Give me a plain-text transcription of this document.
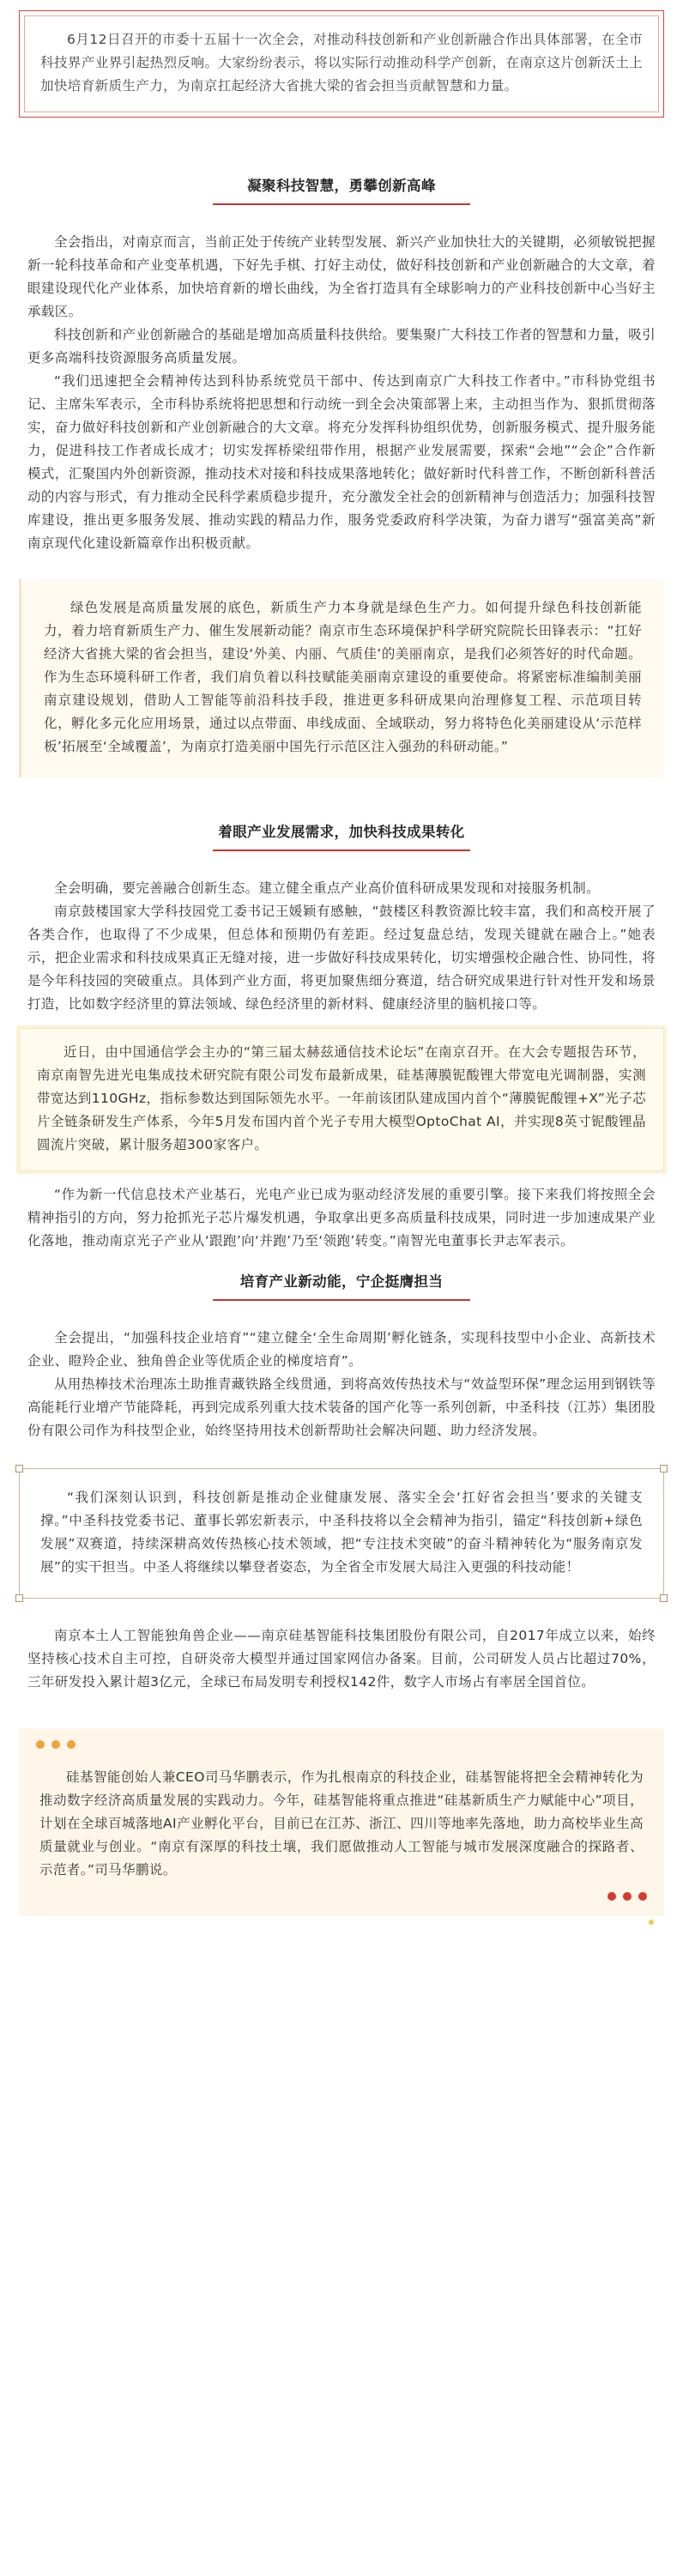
6月12日召开的市委十五届十一次全会，对推动科技创新和产业创新融合作出具体部署，在全市科技界产业界引起热烈反响。大家纷纷表示，将以实际行动推动科学产创新，在南京这片创新沃土上加快培育新质生产力，为南京扛起经济大省挑大梁的省会担当贡献智慧和力量。

凝聚科技智慧，勇攀创新高峰

全会指出，对南京而言，当前正处于传统产业转型发展、新兴产业加快壮大的关键期，必须敏锐把握新一轮科技革命和产业变革机遇，下好先手棋、打好主动仗，做好科技创新和产业创新融合的大文章，着眼建设现代化产业体系，加快培育新的增长曲线，为全省打造具有全球影响力的产业科技创新中心当好主承载区。

科技创新和产业创新融合的基础是增加高质量科技供给。要集聚广大科技工作者的智慧和力量，吸引更多高端科技资源服务高质量发展。

“我们迅速把全会精神传达到科协系统党员干部中、传达到南京广大科技工作者中。”市科协党组书记、主席朱军表示，全市科协系统将把思想和行动统一到全会决策部署上来，主动担当作为、狠抓贯彻落实，奋力做好科技创新和产业创新融合的大文章。将充分发挥科协组织优势，创新服务模式、提升服务能力，促进科技工作者成长成才；切实发挥桥梁纽带作用，根据产业发展需要，探索“会地”“会企”合作新模式，汇聚国内外创新资源，推动技术对接和科技成果落地转化；做好新时代科普工作，不断创新科普活动的内容与形式，有力推动全民科学素质稳步提升，充分激发全社会的创新精神与创造活力；加强科技智库建设，推出更多服务发展、推动实践的精品力作，服务党委政府科学决策，为奋力谱写“强富美高”新南京现代化建设新篇章作出积极贡献。

绿色发展是高质量发展的底色，新质生产力本身就是绿色生产力。如何提升绿色科技创新能力，着力培育新质生产力、催生发展新动能？南京市生态环境保护科学研究院院长田锋表示：“扛好经济大省挑大梁的省会担当，建设‘外美、内丽、气质佳’的美丽南京，是我们必须答好的时代命题。作为生态环境科研工作者，我们肩负着以科技赋能美丽南京建设的重要使命。将紧密标准编制美丽南京建设规划，借助人工智能等前沿科技手段，推进更多科研成果向治理修复工程、示范项目转化，孵化多元化应用场景，通过以点带面、串线成面、全域联动，努力将特色化美丽建设从‘示范样板’拓展至‘全域覆盖’，为南京打造美丽中国先行示范区注入强劲的科研动能。”

着眼产业发展需求，加快科技成果转化

全会明确，要完善融合创新生态。建立健全重点产业高价值科研成果发现和对接服务机制。

南京鼓楼国家大学科技园党工委书记王媛颖有感触，“鼓楼区科教资源比较丰富，我们和高校开展了各类合作，也取得了不少成果，但总体和预期仍有差距。经过复盘总结，发现关键就在融合上。”她表示，把企业需求和科技成果真正无缝对接，进一步做好科技成果转化，切实增强校企融合性、协同性，将是今年科技园的突破重点。具体到产业方面，将更加聚焦细分赛道，结合研究成果进行针对性开发和场景打造，比如数字经济里的算法领域、绿色经济里的新材料、健康经济里的脑机接口等。

近日，由中国通信学会主办的“第三届太赫兹通信技术论坛”在南京召开。在大会专题报告环节，南京南智先进光电集成技术研究院有限公司发布最新成果，硅基薄膜铌酸锂大带宽电光调制器，实测带宽达到110GHz，指标参数达到国际领先水平。一年前该团队建成国内首个“薄膜铌酸锂+X”光子芯片全链条研发生产体系，今年5月发布国内首个光子专用大模型OptoChat AI，并实现8英寸铌酸锂晶圆流片突破，累计服务超300家客户。

“作为新一代信息技术产业基石，光电产业已成为驱动经济发展的重要引擎。接下来我们将按照全会精神指引的方向，努力抢抓光子芯片爆发机遇，争取拿出更多高质量科技成果，同时进一步加速成果产业化落地，推动南京光子产业从‘跟跑’向‘并跑’乃至‘领跑’转变。”南智光电董事长尹志军表示。

培育产业新动能，宁企挺膺担当

全会提出，“加强科技企业培育”“建立健全‘全生命周期’孵化链条，实现科技型中小企业、高新技术企业、瞪羚企业、独角兽企业等优质企业的梯度培育”。

从用热棒技术治理冻土助推青藏铁路全线贯通，到将高效传热技术与“效益型环保”理念运用到钢铁等高能耗行业增产节能降耗，再到完成系列重大技术装备的国产化等一系列创新，中圣科技（江苏）集团股份有限公司作为科技型企业，始终坚持用技术创新帮助社会解决问题、助力经济发展。

“我们深刻认识到，科技创新是推动企业健康发展、落实全会‘扛好省会担当’要求的关键支撑。”中圣科技党委书记、董事长郭宏新表示，中圣科技将以全会精神为指引，锚定“科技创新+绿色发展”双赛道，持续深耕高效传热核心技术领域，把“专注技术突破”的奋斗精神转化为“服务南京发展”的实干担当。中圣人将继续以攀登者姿态，为全省全市发展大局注入更强的科技动能！

南京本土人工智能独角兽企业——南京硅基智能科技集团股份有限公司，自2017年成立以来，始终坚持核心技术自主可控，自研炎帝大模型并通过国家网信办备案。目前，公司研发人员占比超过70%，三年研发投入累计超3亿元，全球已布局发明专利授权142件，数字人市场占有率居全国首位。

硅基智能创始人兼CEO司马华鹏表示，作为扎根南京的科技企业，硅基智能将把全会精神转化为推动数字经济高质量发展的实践动力。今年，硅基智能将重点推进“硅基新质生产力赋能中心”项目，计划在全球百城落地AI产业孵化平台，目前已在江苏、浙江、四川等地率先落地，助力高校毕业生高质量就业与创业。“南京有深厚的科技土壤，我们愿做推动人工智能与城市发展深度融合的探路者、示范者。”司马华鹏说。
